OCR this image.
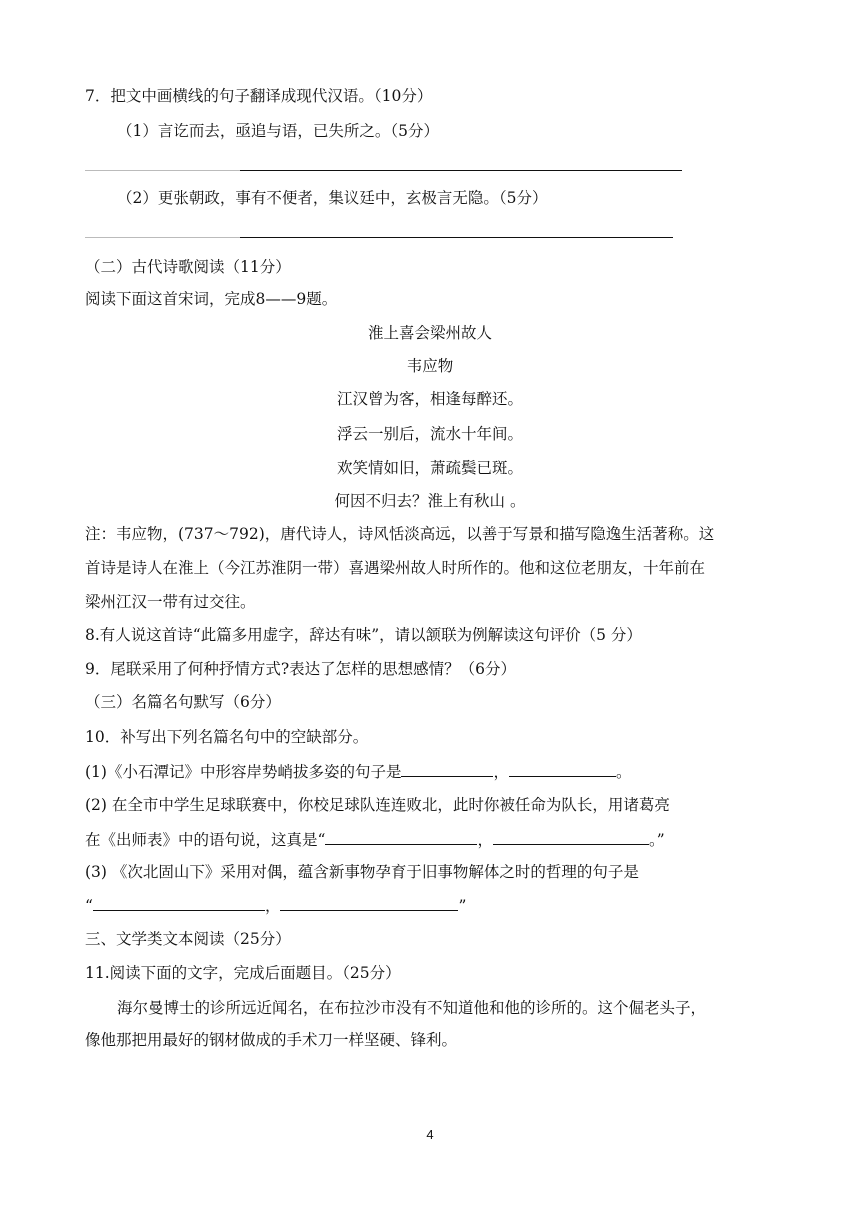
7．把文中画横线的句子翻译成现代汉语。（10分）
（1）言讫而去，亟追与语，已失所之。（5分）
（2）更张朝政，事有不便者，集议廷中，玄极言无隐。（5分）
（二）古代诗歌阅读（11分）
阅读下面这首宋词，完成8——9题。
淮上喜会梁州故人
韦应物
江汉曾为客，相逢每醉还。
浮云一别后，流水十年间。
欢笑情如旧，萧疏鬓已斑。
何因不归去？淮上有秋山 。
注：韦应物，(737～792)，唐代诗人，诗风恬淡高远，以善于写景和描写隐逸生活著称。这
首诗是诗人在淮上（今江苏淮阴一带）喜遇梁州故人时所作的。他和这位老朋友，十年前在
梁州江汉一带有过交往。
8.有人说这首诗“此篇多用虚字，辞达有味”，请以颔联为例解读这句评价（5 分）
9．尾联采用了何种抒情方式?表达了怎样的思想感情？（6分）
（三）名篇名句默写（6分）
10．补写出下列名篇名句中的空缺部分。
(1)《小石潭记》中形容岸势峭拔多姿的句子是	，	。
(2) 在全市中学生足球联赛中，你校足球队连连败北，此时你被任命为队长，用诸葛亮
在《出师表》中的语句说，这真是“	，	。”
(3) 《次北固山下》采用对偶，蕴含新事物孕育于旧事物解体之时的哲理的句子是
“	，	”
三、文学类文本阅读（25分）
11.阅读下面的文字，完成后面题目。（25分）
海尔曼博士的诊所远近闻名，在布拉沙市没有不知道他和他的诊所的。这个倔老头子，
像他那把用最好的钢材做成的手术刀一样坚硬、锋利。
4
